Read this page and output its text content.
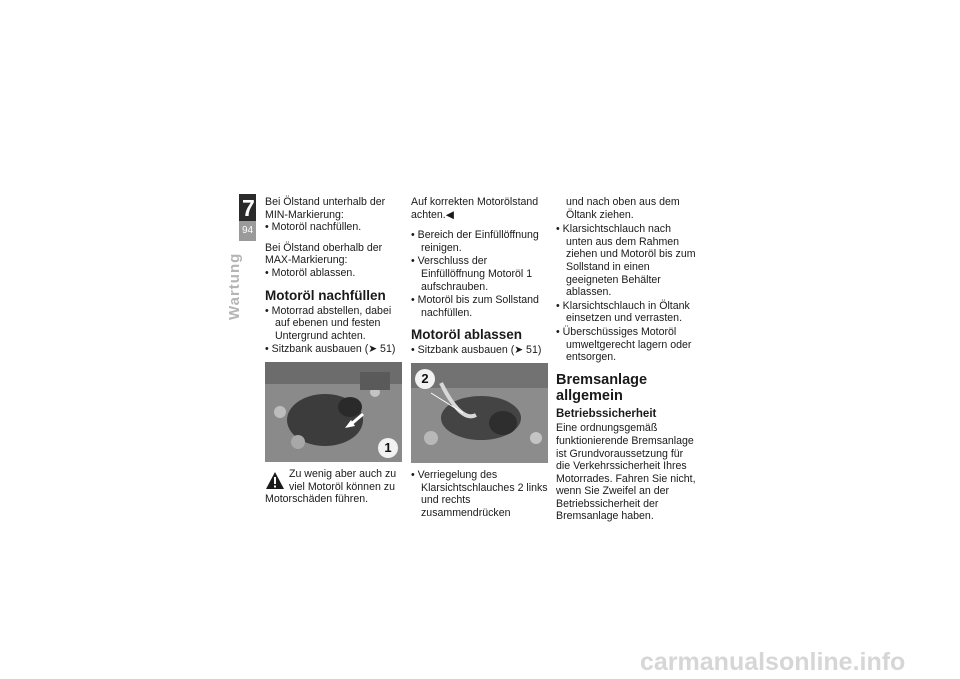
7
94
Wartung

Bei Ölstand unterhalb der MIN-Markierung:
• Motoröl nachfüllen.

Bei Ölstand oberhalb der MAX-Markierung:
• Motoröl ablassen.

Motoröl nachfüllen
• Motorrad abstellen, dabei auf ebenen und festen Untergrund achten.
• Sitzbank ausbauen (➤ 51)
1
Zu wenig aber auch zu viel Motoröl können zu Motorschäden führen.

Auf korrekten Motorölstand achten.◀

• Bereich der Einfüllöffnung reinigen.
• Verschluss der Einfüllöffnung Motoröl 1 aufschrauben.
• Motoröl bis zum Sollstand nachfüllen.
Motoröl ablassen
• Sitzbank ausbauen (➤ 51)
2
• Verriegelung des Klarsichtschlauches 2 links und rechts zusammendrücken

und nach oben aus dem Öltank ziehen.

• Klarsichtschlauch nach unten aus dem Rahmen ziehen und Motoröl bis zum Sollstand in einen geeigneten Behälter ablassen.
• Klarsichtschlauch in Öltank einsetzen und verrasten.
• Überschüssiges Motoröl umweltgerecht lagern oder entsorgen.
Bremsanlage allgemein
Betriebssicherheit

Eine ordnungsgemäß funktionierende Bremsanlage ist Grundvoraussetzung für die Verkehrssicherheit Ihres Motorrades. Fahren Sie nicht, wenn Sie Zweifel an der Betriebssicherheit der Bremsanlage haben.

carmanualsonline.info
